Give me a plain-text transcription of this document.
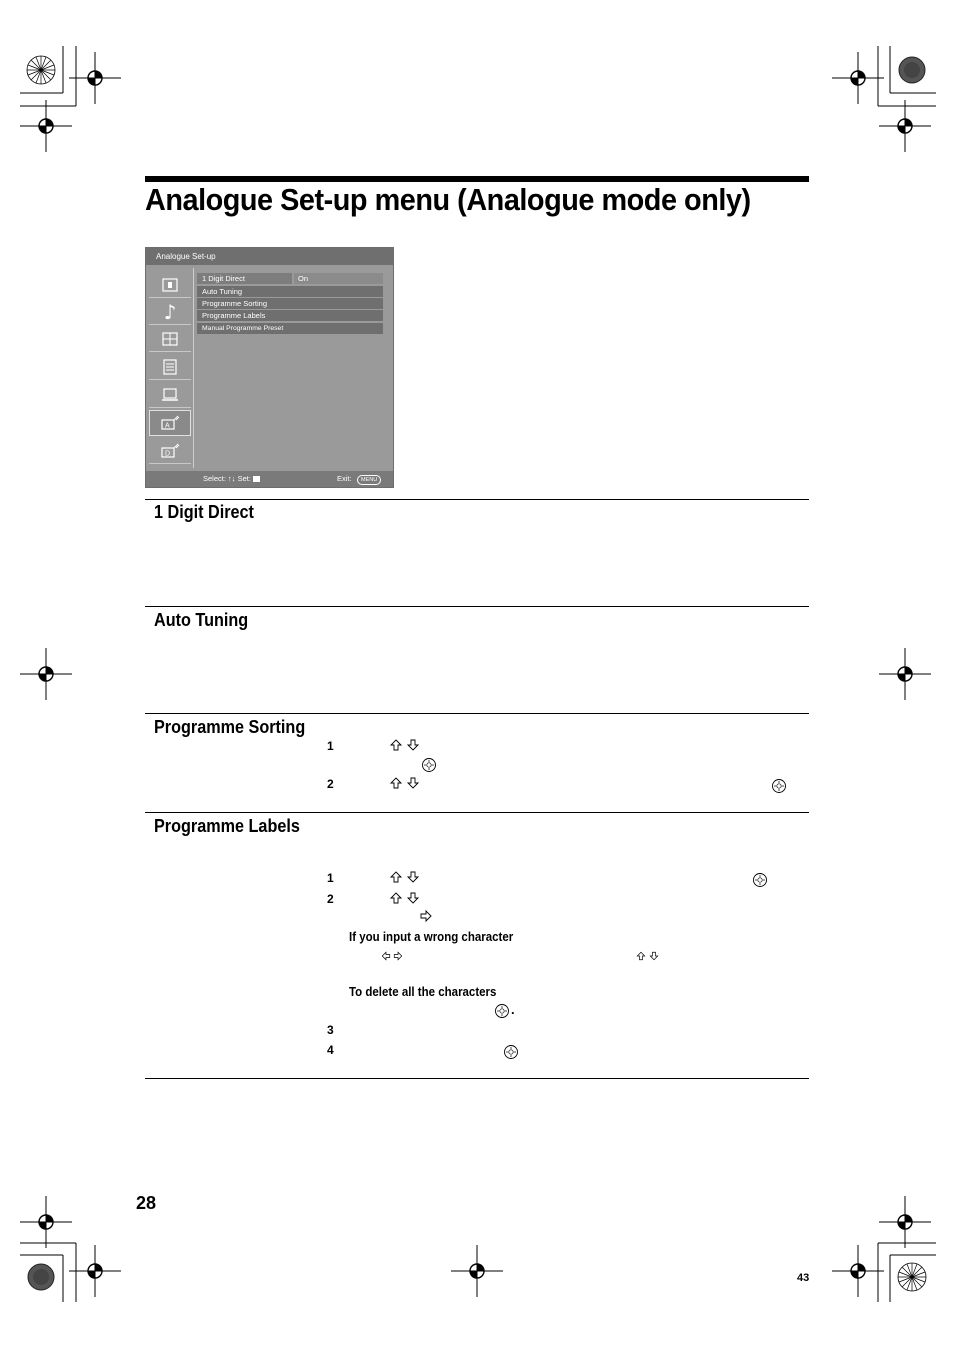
Analogue Set-up menu (Analogue mode only)
Analogue Set-up
♪
A
D
1 Digit Direct	On
Auto Tuning
Programme Sorting
Programme Labels
Manual Programme Preset
Select: ↑↓ Set:	Exit:	MENU
1 Digit Direct
Auto Tuning
Programme Sorting
Programme Labels
1
2
1
2
3
4
If you input a wrong character
To delete all the characters
.
28
43
